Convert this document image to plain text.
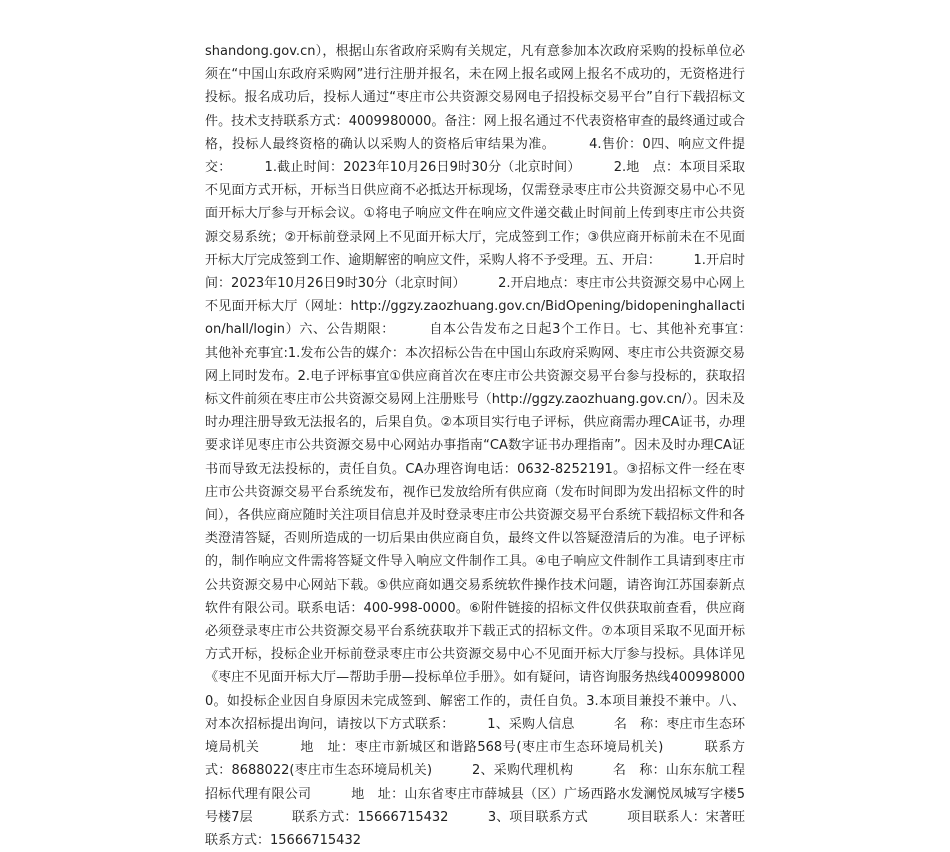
shandong.gov.cn），根据山东省政府采购有关规定，凡有意参加本次政府采购的投标单位必须在“中国山东政府采购网”进行注册并报名，未在网上报名或网上报名不成功的，无资格进行投标。报名成功后，投标人通过“枣庄市公共资源交易网电子招投标交易平台”自行下载招标文件。技术支持联系方式：4009980000。备注：网上报名通过不代表资格审查的最终通过或合格，投标人最终资格的确认以采购人的资格后审结果为准。　　　4.售价：0四、响应文件提交：　　　1.截止时间：2023年10月26日9时30分（北京时间）　　　2.地　点：本项目采取不见面方式开标，开标当日供应商不必抵达开标现场，仅需登录枣庄市公共资源交易中心不见面开标大厅参与开标会议。①将电子响应文件在响应文件递交截止时间前上传到枣庄市公共资源交易系统；②开标前登录网上不见面开标大厅，完成签到工作；③供应商开标前未在不见面开标大厅完成签到工作、逾期解密的响应文件，采购人将不予受理。五、开启：　　　1.开启时间：2023年10月26日9时30分（北京时间）　　　2.开启地点：枣庄市公共资源交易中心网上不见面开标大厅（网址：http://ggzy.zaozhuang.gov.cn/BidOpening/bidopeninghallaction/hall/login）六、公告期限：　　　自本公告发布之日起3个工作日。七、其他补充事宜：　　　其他补充事宜:1.发布公告的媒介：本次招标公告在中国山东政府采购网、枣庄市公共资源交易网上同时发布。2.电子评标事宜①供应商首次在枣庄市公共资源交易平台参与投标的，获取招标文件前须在枣庄市公共资源交易网上注册账号（http://ggzy.zaozhuang.gov.cn/）。因未及时办理注册导致无法报名的，后果自负。②本项目实行电子评标，供应商需办理CA证书，办理要求详见枣庄市公共资源交易中心网站办事指南“CA数字证书办理指南”。因未及时办理CA证书而导致无法投标的，责任自负。CA办理咨询电话：0632-8252191。③招标文件一经在枣庄市公共资源交易平台系统发布，视作已发放给所有供应商（发布时间即为发出招标文件的时间），各供应商应随时关注项目信息并及时登录枣庄市公共资源交易平台系统下载招标文件和各类澄清答疑，否则所造成的一切后果由供应商自负，最终文件以答疑澄清后的为准。电子评标的，制作响应文件需将答疑文件导入响应文件制作工具。④电子响应文件制作工具请到枣庄市公共资源交易中心网站下载。⑤供应商如遇交易系统软件操作技术问题，请咨询江苏国泰新点软件有限公司。联系电话：400-998-0000。⑥附件链接的招标文件仅供获取前查看，供应商必须登录枣庄市公共资源交易平台系统获取并下载正式的招标文件。⑦本项目采取不见面开标方式开标，投标企业开标前登录枣庄市公共资源交易中心不见面开标大厅参与投标。具体详见《枣庄不见面开标大厅—帮助手册—投标单位手册》。如有疑问，请咨询服务热线4009980000。如投标企业因自身原因未完成签到、解密工作的，责任自负。3.本项目兼投不兼中。八、对本次招标提出询问，请按以下方式联系：　　　1、采购人信息　　　名　称：枣庄市生态环境局机关　　　地　址：枣庄市新城区和谐路568号(枣庄市生态环境局机关)　　　联系方式：8688022(枣庄市生态环境局机关)　　　2、采购代理机构　　　名　称：山东东航工程招标代理有限公司　　　地　址：山东省枣庄市薛城县（区）广场西路水发澜悦凤城写字楼5号楼7层　　　联系方式：15666715432　　　3、项目联系方式　　　项目联系人：宋著旺　　　联系方式：15666715432
